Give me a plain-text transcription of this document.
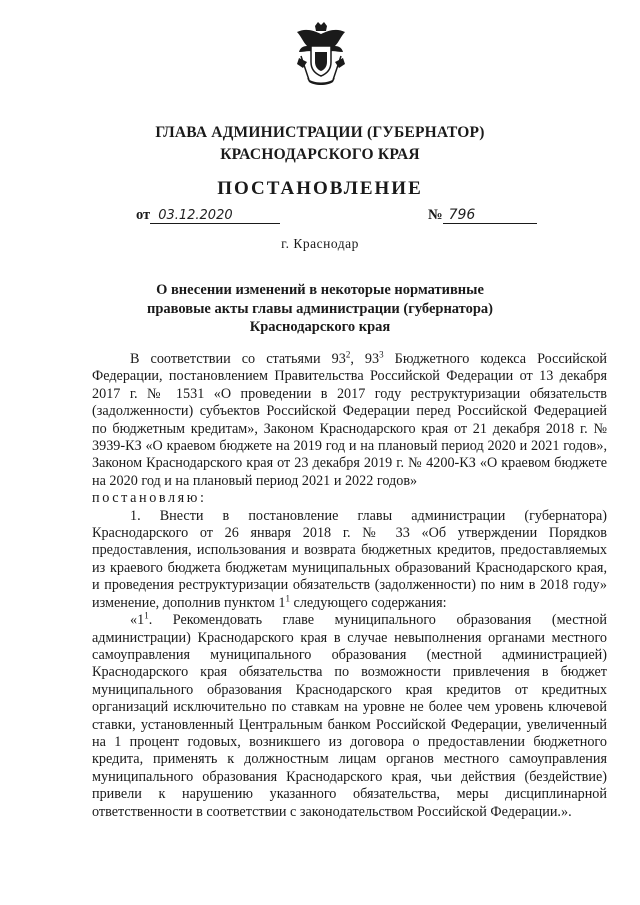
ГЛАВА АДМИНИСТРАЦИИ (ГУБЕРНАТОР)
КРАСНОДАРСКОГО КРАЯ
ПОСТАНОВЛЕНИЕ
от 03.12.2020	№ 796
г. Краснодар
О внесении изменений в некоторые нормативные
правовые акты главы администрации (губернатора)
Краснодарского края

В соответствии со статьями $93^2$, $93^3$ Бюджетного кодекса Российской Федерации, постановлением Правительства Российской Федерации от 13 декабря 2017 г. № 1531 «О проведении в 2017 году реструктуризации обязательств (задолженности) субъектов Российской Федерации перед Российской Федерацией по бюджетным кредитам», Законом Краснодарского края от 21 декабря 2018 г. № 3939-КЗ «О краевом бюджете на 2019 год и на плановый период 2020 и 2021 годов», Законом Краснодарского края от 23 декабря 2019 г. № 4200-КЗ «О краевом бюджете на 2020 год и на плановый период 2021 и 2022 годов»

постановляю:

1. Внести в постановление главы администрации (губернатора) Краснодарского от 26 января 2018 г. № 33 «Об утверждении Порядков предоставления, использования и возврата бюджетных кредитов, предоставляемых из краевого бюджета бюджетам муниципальных образований Краснодарского края, и проведения реструктуризации обязательств (задолженности) по ним в 2018 году» изменение, дополнив пунктом $1^1$ следующего содержания:

«$1^1$. Рекомендовать главе муниципального образования (местной администрации) Краснодарского края в случае невыполнения органами местного самоуправления муниципального образования (местной администрацией) Краснодарского края обязательства по возможности привлечения в бюджет муниципального образования Краснодарского края кредитов от кредитных организаций исключительно по ставкам на уровне не более чем уровень ключевой ставки, установленный Центральным банком Российской Федерации, увеличенный на 1 процент годовых, возникшего из договора о предоставлении бюджетного кредита, применять к должностным лицам органов местного самоуправления муниципального образования Краснодарского края, чьи действия (бездействие) привели к нарушению указанного обязательства, меры дисциплинарной ответственности в соответствии с законодательством Российской Федерации.».
